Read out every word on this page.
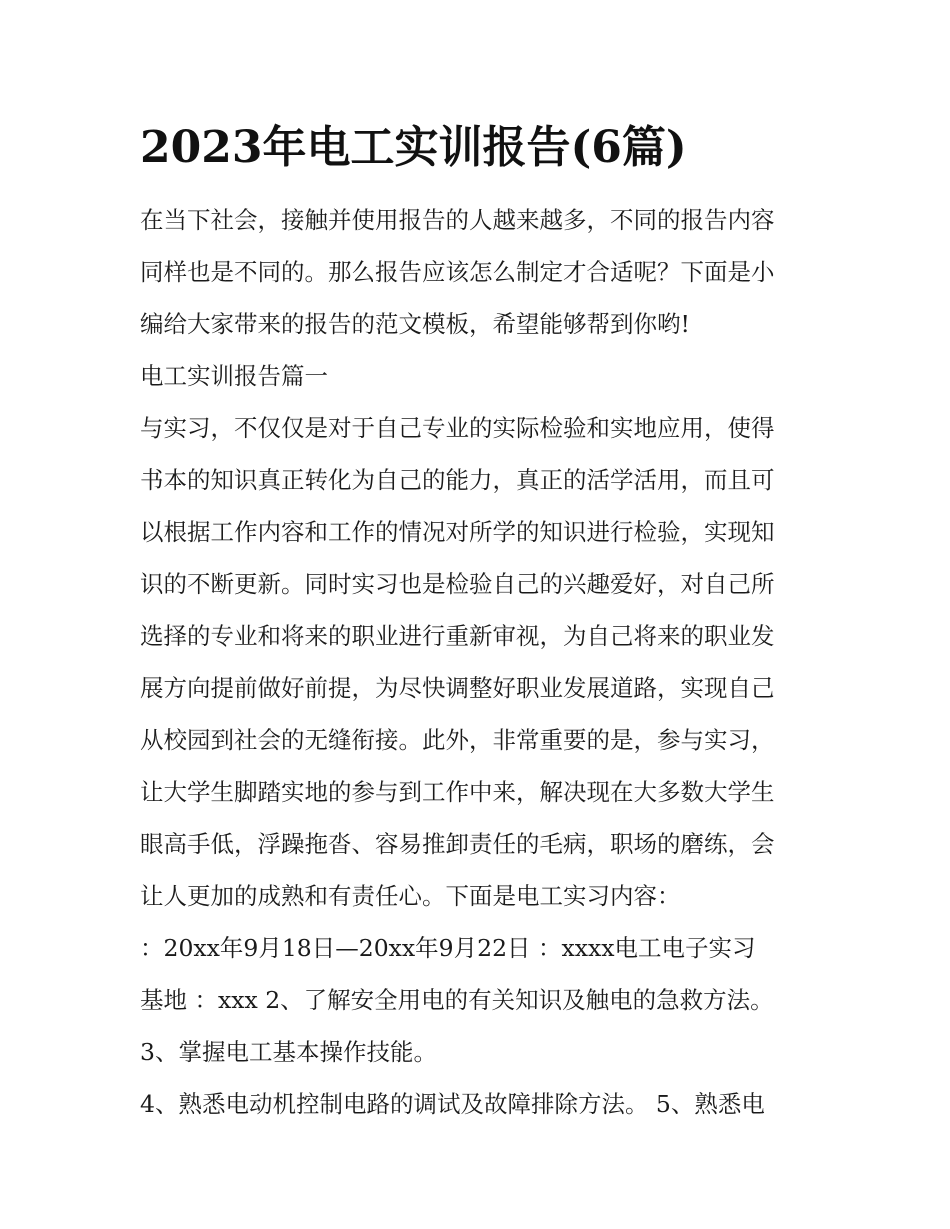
2023年电工实训报告(6篇)
在当下社会，接触并使用报告的人越来越多，不同的报告内容
同样也是不同的。那么报告应该怎么制定才合适呢？下面是小
编给大家带来的报告的范文模板，希望能够帮到你哟!
电工实训报告篇一
与实习，不仅仅是对于自己专业的实际检验和实地应用，使得
书本的知识真正转化为自己的能力，真正的活学活用，而且可
以根据工作内容和工作的情况对所学的知识进行检验，实现知
识的不断更新。同时实习也是检验自己的兴趣爱好，对自己所
选择的专业和将来的职业进行重新审视，为自己将来的职业发
展方向提前做好前提，为尽快调整好职业发展道路，实现自己
从校园到社会的无缝衔接。此外，非常重要的是，参与实习，
让大学生脚踏实地的参与到工作中来，解决现在大多数大学生
眼高手低，浮躁拖沓、容易推卸责任的毛病，职场的磨练，会
让人更加的成熟和有责任心。下面是电工实习内容：
：20xx年9月18日—20xx年9月22日 ：xxxx电工电子实习
基地 ：xxx 2、了解安全用电的有关知识及触电的急救方法。
3、掌握电工基本操作技能。
4、熟悉电动机控制电路的调试及故障排除方法。 5、熟悉电
